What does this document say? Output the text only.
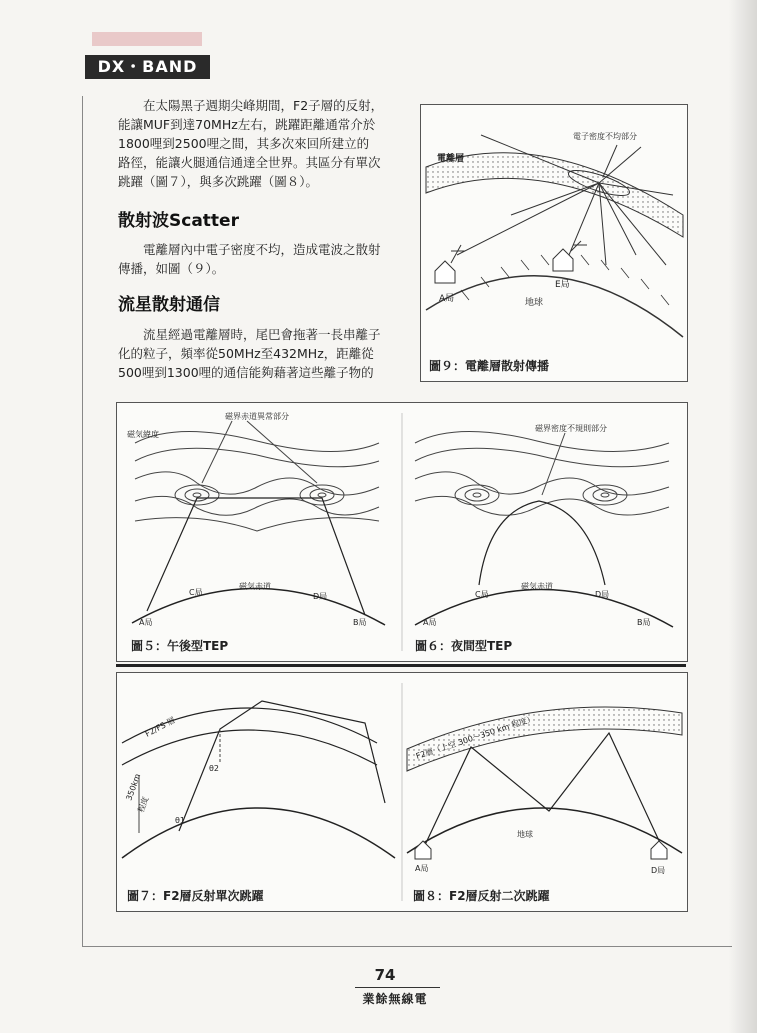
DX・BAND
在太陽黑子週期尖峰期間，F2子層的反射，
能讓MUF到達70MHz左右，跳躍距離通常介於
1800哩到2500哩之間，其多次來回所建立的
路徑，能讓火腿通信通達全世界。其區分有單次
跳躍（圖７），與多次跳躍（圖８）。
散射波Scatter
電離層內中電子密度不均，造成電波之散射
傳播，如圖（９）。
流星散射通信
流星經過電離層時，尾巴會拖著一長串離子
化的粒子，頻率從50MHz至432MHz，距離從
500哩到1300哩的通信能夠藉著這些離子物的
電子密度不均部分
電離層
A局
E局
地球
圖９：電離層散射傳播
磁界赤道異常部分
磁気緯度
磁気赤道
A局
C局	D局
B局
磁界密度不規則部分
磁気赤道
A局
C局	D局
B局
圖５：午後型TEP	圖６：夜間型TEP
F2/FS 層
350km
程度
θ2
θ1
F2層（上空 300～350 km 程度）
地球
A局	D局
圖７：F2層反射單次跳躍	圖８：F2層反射二次跳躍
74
業餘無線電
